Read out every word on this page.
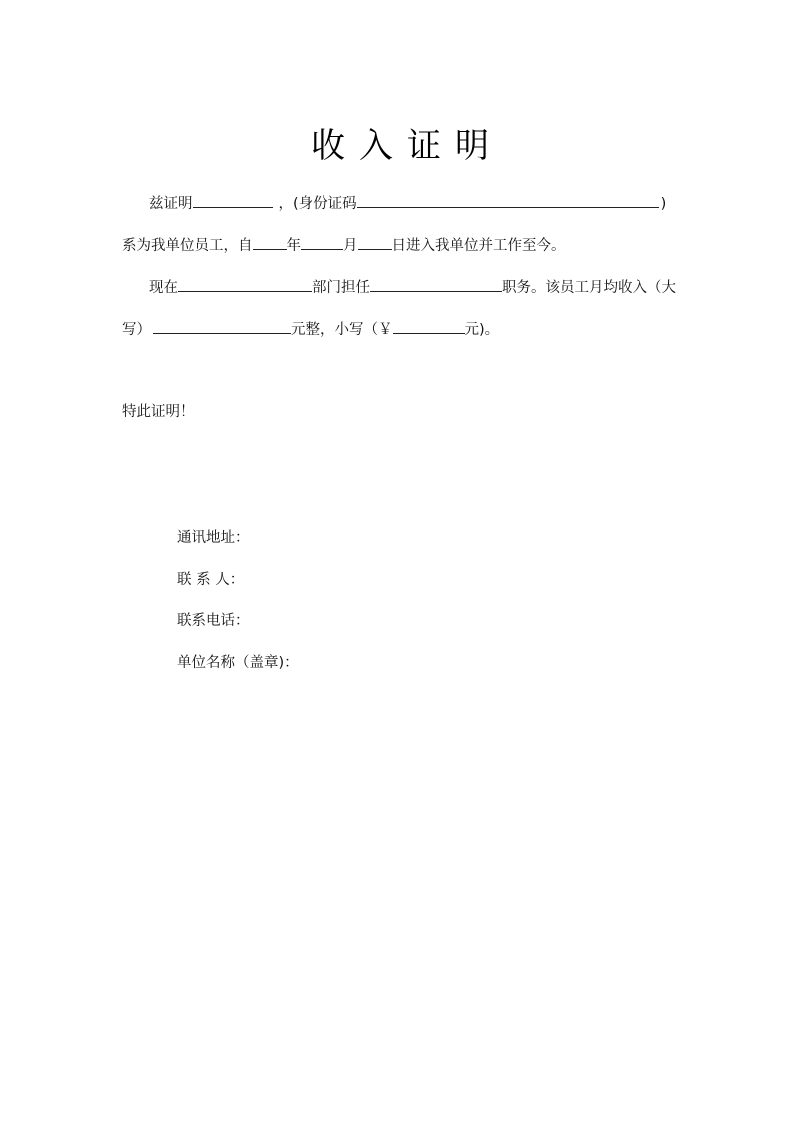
收入证明
兹证明	，(身份证码	)
系为我单位员工，自 年	月 日进入我单位并工作至今。
现在	部门担任	职务。该员工月均收入（大
写）	元整，小写（￥	元)。
特此证明！
通讯地址：
联 系 人：
联系电话：
单位名称（盖章)：
